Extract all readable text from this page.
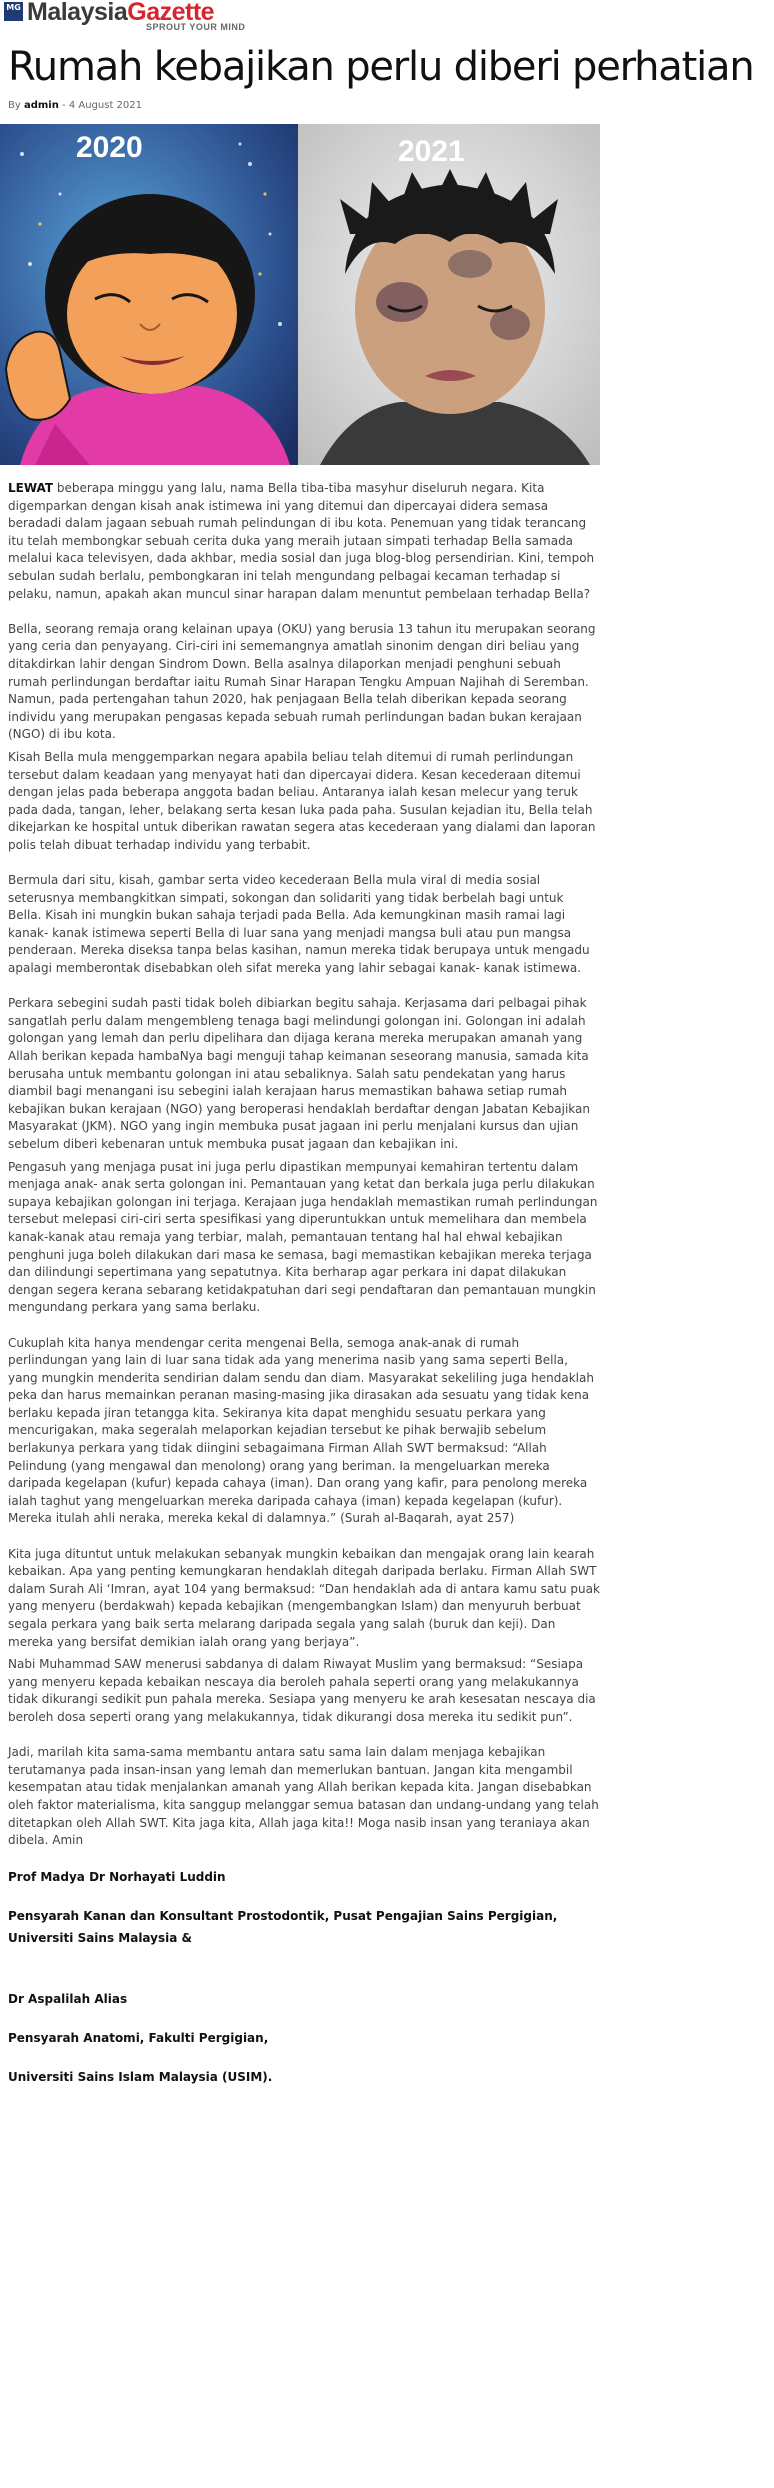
MG MalaysiaGazette
SPROUT YOUR MIND
Rumah kebajikan perlu diberi perhatian
By admin - 4 August 2021
2020	2021

LEWAT beberapa minggu yang lalu, nama Bella tiba-tiba masyhur diseluruh negara. Kita digemparkan dengan kisah anak istimewa ini yang ditemui dan dipercayai didera semasa beradadi dalam jagaan sebuah rumah pelindungan di ibu kota. Penemuan yang tidak terancang itu telah membongkar sebuah cerita duka yang meraih jutaan simpati terhadap Bella samada melalui kaca televisyen, dada akhbar, media sosial dan juga blog-blog persendirian. Kini, tempoh sebulan sudah berlalu, pembongkaran ini telah mengundang pelbagai kecaman terhadap si pelaku, namun, apakah akan muncul sinar harapan dalam menuntut pembelaan terhadap Bella?

Bella, seorang remaja orang kelainan upaya (OKU) yang berusia 13 tahun itu merupakan seorang yang ceria dan penyayang. Ciri-ciri ini sememangnya amatlah sinonim dengan diri beliau yang ditakdirkan lahir dengan Sindrom Down. Bella asalnya dilaporkan menjadi penghuni sebuah rumah perlindungan berdaftar iaitu Rumah Sinar Harapan Tengku Ampuan Najihah di Seremban. Namun, pada pertengahan tahun 2020, hak penjagaan Bella telah diberikan kepada seorang individu yang merupakan pengasas kepada sebuah rumah perlindungan badan bukan kerajaan (NGO) di ibu kota.

Kisah Bella mula menggemparkan negara apabila beliau telah ditemui di rumah perlindungan tersebut dalam keadaan yang menyayat hati dan dipercayai didera. Kesan kecederaan ditemui dengan jelas pada beberapa anggota badan beliau. Antaranya ialah kesan melecur yang teruk pada dada, tangan, leher, belakang serta kesan luka pada paha. Susulan kejadian itu, Bella telah dikejarkan ke hospital untuk diberikan rawatan segera atas kecederaan yang dialami dan laporan polis telah dibuat terhadap individu yang terbabit.

Bermula dari situ, kisah, gambar serta video kecederaan Bella mula viral di media sosial seterusnya membangkitkan simpati, sokongan dan solidariti yang tidak berbelah bagi untuk Bella. Kisah ini mungkin bukan sahaja terjadi pada Bella. Ada kemungkinan masih ramai lagi kanak- kanak istimewa seperti Bella di luar sana yang menjadi mangsa buli atau pun mangsa penderaan. Mereka diseksa tanpa belas kasihan, namun mereka tidak berupaya untuk mengadu apalagi memberontak disebabkan oleh sifat mereka yang lahir sebagai kanak- kanak istimewa.

Perkara sebegini sudah pasti tidak boleh dibiarkan begitu sahaja. Kerjasama dari pelbagai pihak sangatlah perlu dalam mengembleng tenaga bagi melindungi golongan ini. Golongan ini adalah golongan yang lemah dan perlu dipelihara dan dijaga kerana mereka merupakan amanah yang Allah berikan kepada hambaNya bagi menguji tahap keimanan seseorang manusia, samada kita berusaha untuk membantu golongan ini atau sebaliknya. Salah satu pendekatan yang harus diambil bagi menangani isu sebegini ialah kerajaan harus memastikan bahawa setiap rumah kebajikan bukan kerajaan (NGO) yang beroperasi hendaklah berdaftar dengan Jabatan Kebajikan Masyarakat (JKM). NGO yang ingin membuka pusat jagaan ini perlu menjalani kursus dan ujian sebelum diberi kebenaran untuk membuka pusat jagaan dan kebajikan ini.

Pengasuh yang menjaga pusat ini juga perlu dipastikan mempunyai kemahiran tertentu dalam menjaga anak- anak serta golongan ini. Pemantauan yang ketat dan berkala juga perlu dilakukan supaya kebajikan golongan ini terjaga. Kerajaan juga hendaklah memastikan rumah perlindungan tersebut melepasi ciri-ciri serta spesifikasi yang diperuntukkan untuk memelihara dan membela kanak-kanak atau remaja yang terbiar, malah, pemantauan tentang hal hal ehwal kebajikan penghuni juga boleh dilakukan dari masa ke semasa, bagi memastikan kebajikan mereka terjaga dan dilindungi sepertimana yang sepatutnya. Kita berharap agar perkara ini dapat dilakukan dengan segera kerana sebarang ketidakpatuhan dari segi pendaftaran dan pemantauan mungkin mengundang perkara yang sama berlaku.

Cukuplah kita hanya mendengar cerita mengenai Bella, semoga anak-anak di rumah perlindungan yang lain di luar sana tidak ada yang menerima nasib yang sama seperti Bella, yang mungkin menderita sendirian dalam sendu dan diam. Masyarakat sekeliling juga hendaklah peka dan harus memainkan peranan masing-masing jika dirasakan ada sesuatu yang tidak kena berlaku kepada jiran tetangga kita. Sekiranya kita dapat menghidu sesuatu perkara yang mencurigakan, maka segeralah melaporkan kejadian tersebut ke pihak berwajib sebelum berlakunya perkara yang tidak diingini sebagaimana Firman Allah SWT bermaksud: “Allah Pelindung (yang mengawal dan menolong) orang yang beriman. Ia mengeluarkan mereka daripada kegelapan (kufur) kepada cahaya (iman). Dan orang yang kafir, para penolong mereka ialah taghut yang mengeluarkan mereka daripada cahaya (iman) kepada kegelapan (kufur). Mereka itulah ahli neraka, mereka kekal di dalamnya.” (Surah al-Baqarah, ayat 257)

Kita juga dituntut untuk melakukan sebanyak mungkin kebaikan dan mengajak orang lain kearah kebaikan. Apa yang penting kemungkaran hendaklah ditegah daripada berlaku. Firman Allah SWT dalam Surah Ali ‘Imran, ayat 104 yang bermaksud: “Dan hendaklah ada di antara kamu satu puak yang menyeru (berdakwah) kepada kebajikan (mengembangkan Islam) dan menyuruh berbuat segala perkara yang baik serta melarang daripada segala yang salah (buruk dan keji). Dan mereka yang bersifat demikian ialah orang yang berjaya”.

Nabi Muhammad SAW menerusi sabdanya di dalam Riwayat Muslim yang bermaksud: “Sesiapa yang menyeru kepada kebaikan nescaya dia beroleh pahala seperti orang yang melakukannya tidak dikurangi sedikit pun pahala mereka. Sesiapa yang menyeru ke arah kesesatan nescaya dia beroleh dosa seperti orang yang melakukannya, tidak dikurangi dosa mereka itu sedikit pun”.

Jadi, marilah kita sama-sama membantu antara satu sama lain dalam menjaga kebajikan terutamanya pada insan-insan yang lemah dan memerlukan bantuan. Jangan kita mengambil kesempatan atau tidak menjalankan amanah yang Allah berikan kepada kita. Jangan disebabkan oleh faktor materialisma, kita sanggup melanggar semua batasan dan undang-undang yang telah ditetapkan oleh Allah SWT. Kita jaga kita, Allah jaga kita!! Moga nasib insan yang teraniaya akan dibela. Amin

Prof Madya Dr Norhayati Luddin

Pensyarah Kanan dan Konsultant Prostodontik, Pusat Pengajian Sains Pergigian, Universiti Sains Malaysia &

Dr Aspalilah Alias

Pensyarah Anatomi, Fakulti Pergigian,

Universiti Sains Islam Malaysia (USIM).
